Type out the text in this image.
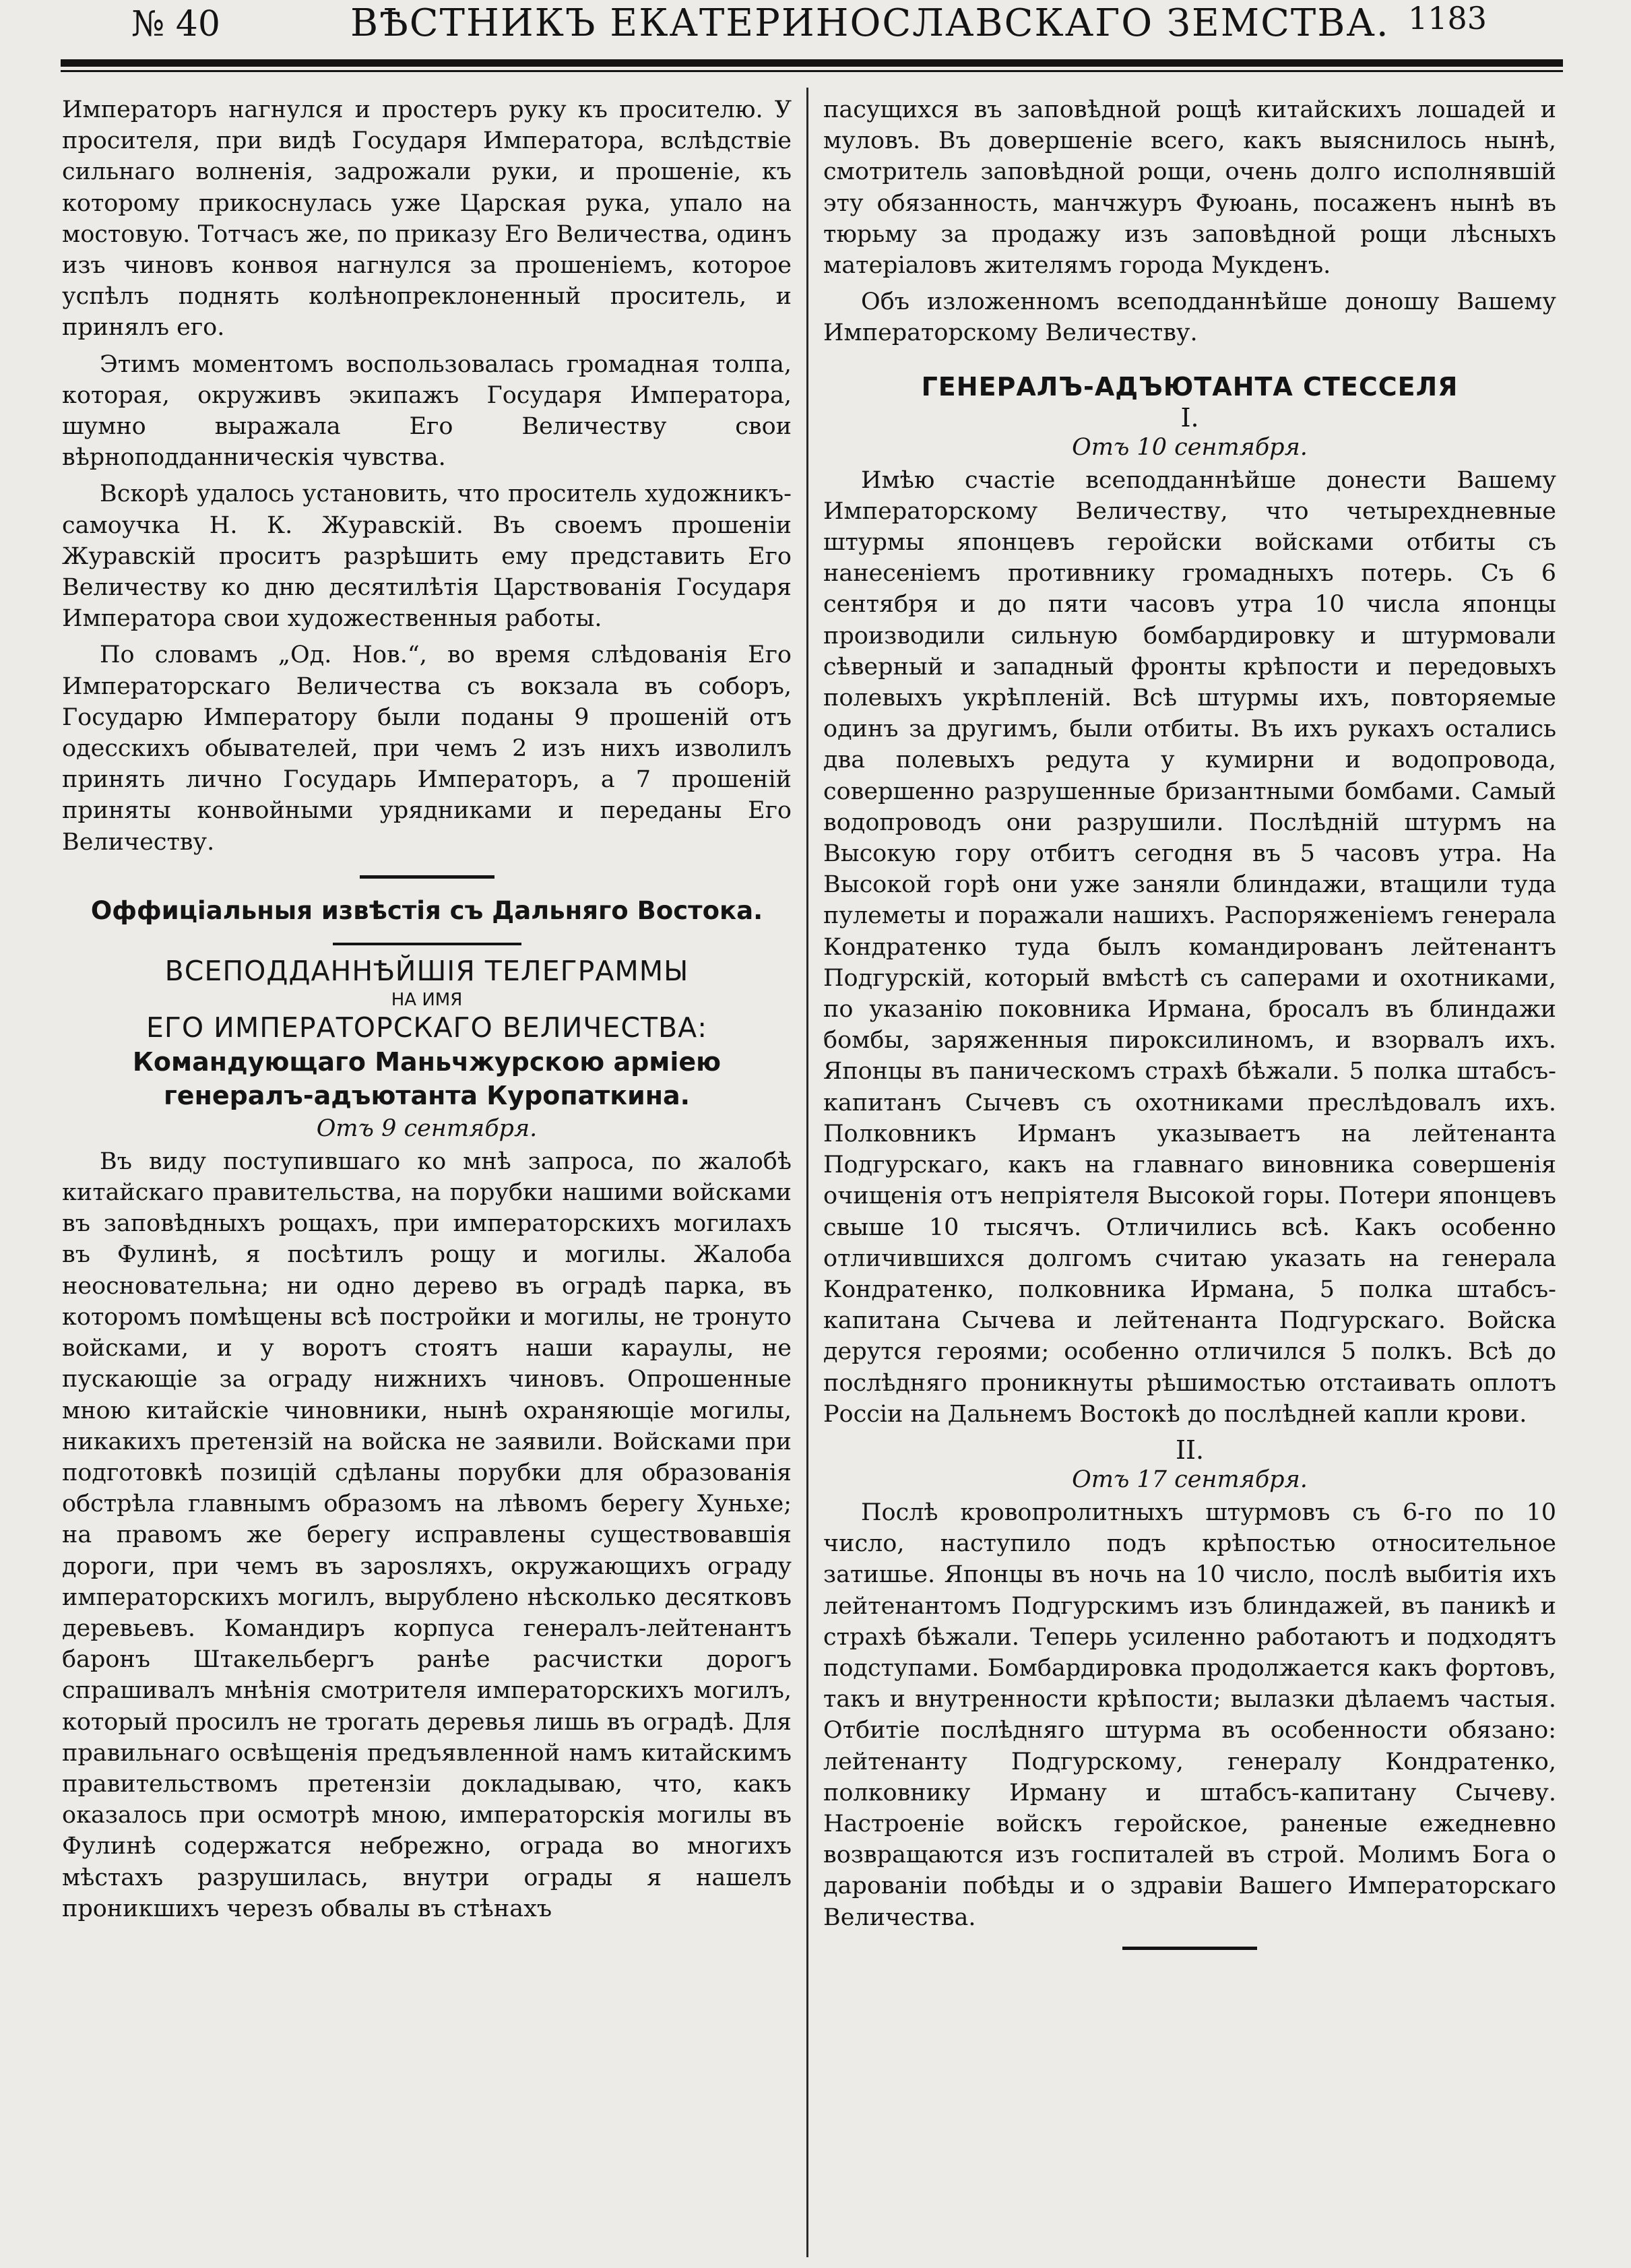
№ 40	ВѢСТНИКЪ ЕКАТЕРИНОСЛАВСКАГО ЗЕМСТВА. 1183

Императоръ нагнулся и простеръ руку къ просителю. У просителя, при видѣ Государя Императора, вслѣдствіе сильнаго волненія, задрожали руки, и прошеніе, къ которому прикоснулась уже Царская рука, упало на мостовую. Тотчасъ же, по приказу Его Величества, одинъ изъ чиновъ конвоя нагнулся за прошеніемъ, которое успѣлъ поднять колѣнопреклоненный проситель, и принялъ его.

Этимъ моментомъ воспользовалась громадная толпа, которая, окруживъ экипажъ Государя Императора, шумно выражала Его Величеству свои вѣрноподданническія чувства.

Вскорѣ удалось установить, что проситель художникъ-самоучка Н. К. Журавскій. Въ своемъ прошеніи Журавскій проситъ разрѣшить ему представить Его Величеству ко дню десятилѣтія Царствованія Государя Императора свои художественныя работы.

По словамъ „Од. Нов.“, во время слѣдованія Его Императорскаго Величества съ вокзала въ соборъ, Государю Императору были поданы 9 прошеній отъ одесскихъ обывателей, при чемъ 2 изъ нихъ изволилъ принять лично Государь Императоръ, а 7 прошеній приняты конвойными урядниками и переданы Его Величеству.

Оффиціальныя извѣстія съ Дальняго Востока.
ВСЕПОДДАННѢЙШІЯ ТЕЛЕГРАММЫ
НА ИМЯ
ЕГО ИМПЕРАТОРСКАГО ВЕЛИЧЕСТВА:
Командующаго Маньчжурскою арміею генералъ-адъютанта Куропаткина.
Отъ 9 сентября.

Въ виду поступившаго ко мнѣ запроса, по жалобѣ китайскаго правительства, на порубки нашими войсками въ заповѣдныхъ рощахъ, при императорскихъ могилахъ въ Фулинѣ, я посѣтилъ рощу и могилы. Жалоба неосновательна; ни одно дерево въ оградѣ парка, въ которомъ помѣщены всѣ постройки и могилы, не тронуто войсками, и у воротъ стоятъ наши караулы, не пускающіе за ограду нижнихъ чиновъ. Опрошенные мною китайскіе чиновники, нынѣ охраняющіе могилы, никакихъ претензій на войска не заявили. Войсками при подготовкѣ позицій сдѣланы порубки для образованія обстрѣла главнымъ образомъ на лѣвомъ берегу Хуньхе; на правомъ же берегу исправлены существовавшія дороги, при чемъ въ зарosляхъ, окружающихъ ограду императорскихъ могилъ, вырублено нѣсколько десятковъ деревьевъ. Командиръ корпуса генералъ-лейтенантъ баронъ Штакельбергъ ранѣе расчистки дорогъ спрашивалъ мнѣнія смотрителя императорскихъ могилъ, который просилъ не трогать деревья лишь въ оградѣ. Для правильнаго освѣщенія предъявленной намъ китайскимъ правительствомъ претензіи докладываю, что, какъ оказалось при осмотрѣ мною, императорскія могилы въ Фулинѣ содержатся небрежно, ограда во многихъ мѣстахъ разрушилась, внутри ограды я нашелъ проникшихъ черезъ обвалы въ стѣнахъ

пасущихся въ заповѣдной рощѣ китайскихъ лошадей и муловъ. Въ довершеніе всего, какъ выяснилось нынѣ, смотритель заповѣдной рощи, очень долго исполнявшій эту обязанность, манчжуръ Фуюань, посаженъ нынѣ въ тюрьму за продажу изъ заповѣдной рощи лѣсныхъ матеріаловъ жителямъ города Мукденъ.

Объ изложенномъ всеподданнѣйше доношу Вашему Императорскому Величеству.

ГЕНЕРАЛЪ-АДЪЮТАНТА СТЕССЕЛЯ
I.
Отъ 10 сентября.

Имѣю счастіе всеподданнѣйше донести Вашему Императорскому Величеству, что четырехдневные штурмы японцевъ геройски войсками отбиты съ нанесеніемъ противнику громадныхъ потерь. Съ 6 сентября и до пяти часовъ утра 10 числа японцы производили сильную бомбардировку и штурмовали сѣверный и западный фронты крѣпости и передовыхъ полевыхъ укрѣпленій. Всѣ штурмы ихъ, повторяемые одинъ за другимъ, были отбиты. Въ ихъ рукахъ остались два полевыхъ редута у кумирни и водопровода, совершенно разрушенные бризантными бомбами. Самый водопроводъ они разрушили. Послѣдній штурмъ на Высокую гору отбитъ сегодня въ 5 часовъ утра. На Высокой горѣ они уже заняли блиндажи, втащили туда пулеметы и поражали нашихъ. Распоряженіемъ генерала Кондратенко туда былъ командированъ лейтенантъ Подгурскій, который вмѣстѣ съ саперами и охотниками, по указанію поковника Ирмана, бросалъ въ блиндажи бомбы, заряженныя пироксилиномъ, и взорвалъ ихъ. Японцы въ паническомъ страхѣ бѣжали. 5 полка штабсъ-капитанъ Сычевъ съ охотниками преслѣдовалъ ихъ. Полковникъ Ирманъ указываетъ на лейтенанта Подгурскаго, какъ на главнаго виновника совершенія очищенія отъ непріятеля Высокой горы. Потери японцевъ свыше 10 тысячъ. Отличились всѣ. Какъ особенно отличившихся долгомъ считаю указать на генерала Кондратенко, полковника Ирмана, 5 полка штабсъ-капитана Сычева и лейтенанта Подгурскаго. Войска дерутся героями; особенно отличился 5 полкъ. Всѣ до послѣдняго проникнуты рѣшимостью отстаивать оплотъ Россіи на Дальнемъ Востокѣ до послѣдней капли крови.

II.
Отъ 17 сентября.

Послѣ кровопролитныхъ штурмовъ съ 6-го по 10 число, наступило подъ крѣпостью относительное затишье. Японцы въ ночь на 10 число, послѣ выбитія ихъ лейтенантомъ Подгурскимъ изъ блиндажей, въ паникѣ и страхѣ бѣжали. Теперь усиленно работаютъ и подходятъ подступами. Бомбардировка продолжается какъ фортовъ, такъ и внутренности крѣпости; вылазки дѣлаемъ частыя. Отбитіе послѣдняго штурма въ особенности обязано: лейтенанту Подгурскому, генералу Кондратенко, полковнику Ирману и штабсъ-капитану Сычеву. Настроеніе войскъ геройское, раненые ежедневно возвращаются изъ госпиталей въ строй. Молимъ Бога о дарованіи побѣды и о здравіи Вашего Императорскаго Величества.
